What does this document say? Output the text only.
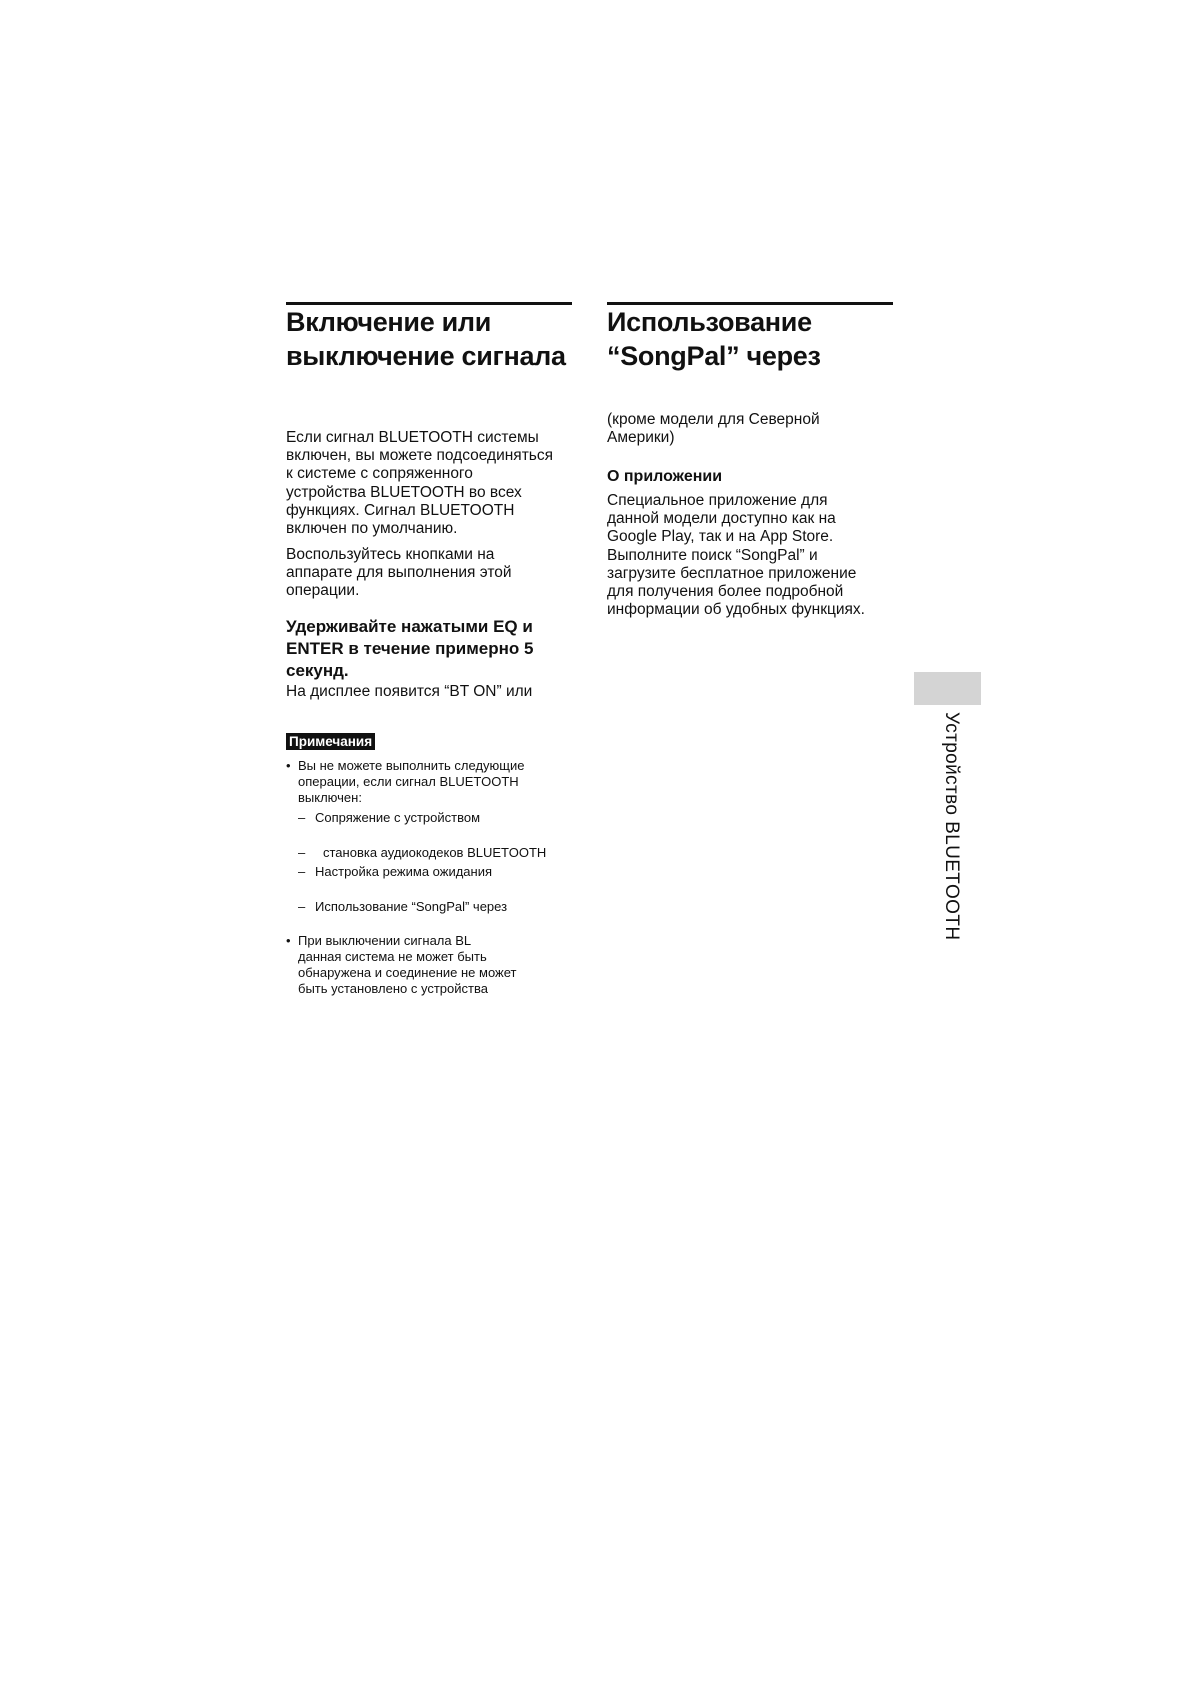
Включение или
выключение сигнала
Если сигнал BLUETOOTH системы
включен, вы можете подсоединяться
к системе с сопряженного
устройства BLUETOOTH во всех
функциях. Сигнал BLUETOOTH
включен по умолчанию.
Воспользуйтесь кнопками на
аппарате для выполнения этой
операции.
Удерживайте нажатыми EQ и
ENTER в течение примерно 5
секунд.
На дисплее появится “BT ON” или
Примечания
• Вы не можете выполнить следующие
операции, если сигнал BLUETOOTH
выключен:
– Сопряжение с устройством
– становка аудиокодеков BLUETOOTH
– Настройка режима ожидания
– Использование “SongPal” через
• При выключении сигнала BL
данная система не может быть
обнаружена и соединение не может
быть установлено с устройства
Использование
“SongPal” через
(кроме модели для Северной
Америки)
О приложении
Специальное приложение для
данной модели доступно как на
Google Play, так и на App Store.
Выполните поиск “SongPal” и
загрузите бесплатное приложение
для получения более подробной
информации об удобных функциях.
Устройство BLUETOOTH
